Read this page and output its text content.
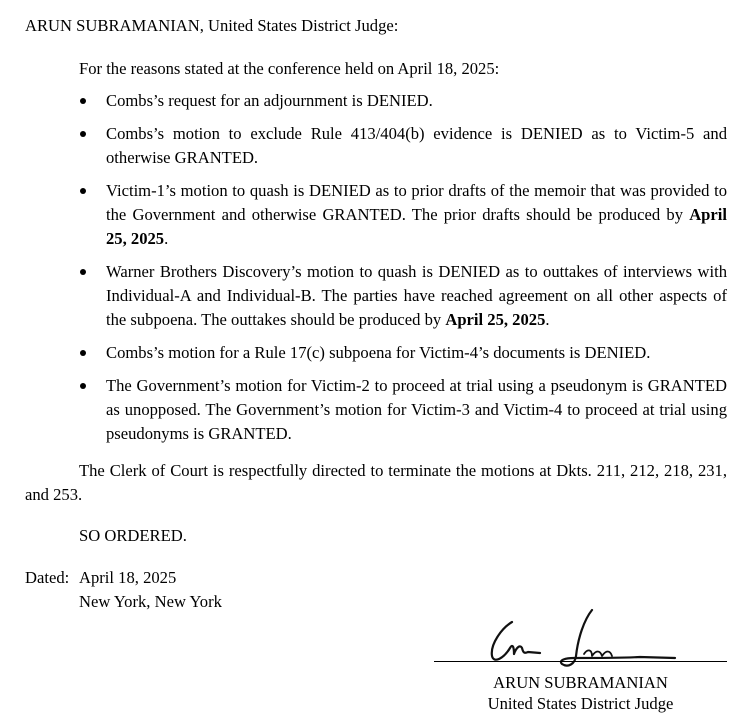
ARUN SUBRAMANIAN, United States District Judge:
For the reasons stated at the conference held on April 18, 2025:
Combs’s request for an adjournment is DENIED.
Combs’s motion to exclude Rule 413/404(b) evidence is DENIED as to Victim-5 and otherwise GRANTED.
Victim-1’s motion to quash is DENIED as to prior drafts of the memoir that was provided to the Government and otherwise GRANTED. The prior drafts should be produced by April 25, 2025.
Warner Brothers Discovery’s motion to quash is DENIED as to outtakes of interviews with Individual-A and Individual-B. The parties have reached agreement on all other aspects of the subpoena. The outtakes should be produced by April 25, 2025.
Combs’s motion for a Rule 17(c) subpoena for Victim-4’s documents is DENIED.
The Government’s motion for Victim-2 to proceed at trial using a pseudonym is GRANTED as unopposed. The Government’s motion for Victim-3 and Victim-4 to proceed at trial using pseudonyms is GRANTED.
The Clerk of Court is respectfully directed to terminate the motions at Dkts. 211, 212, 218, 231, and 253.
SO ORDERED.
Dated: April 18, 2025
New York, New York
ARUN SUBRAMANIAN
United States District Judge
